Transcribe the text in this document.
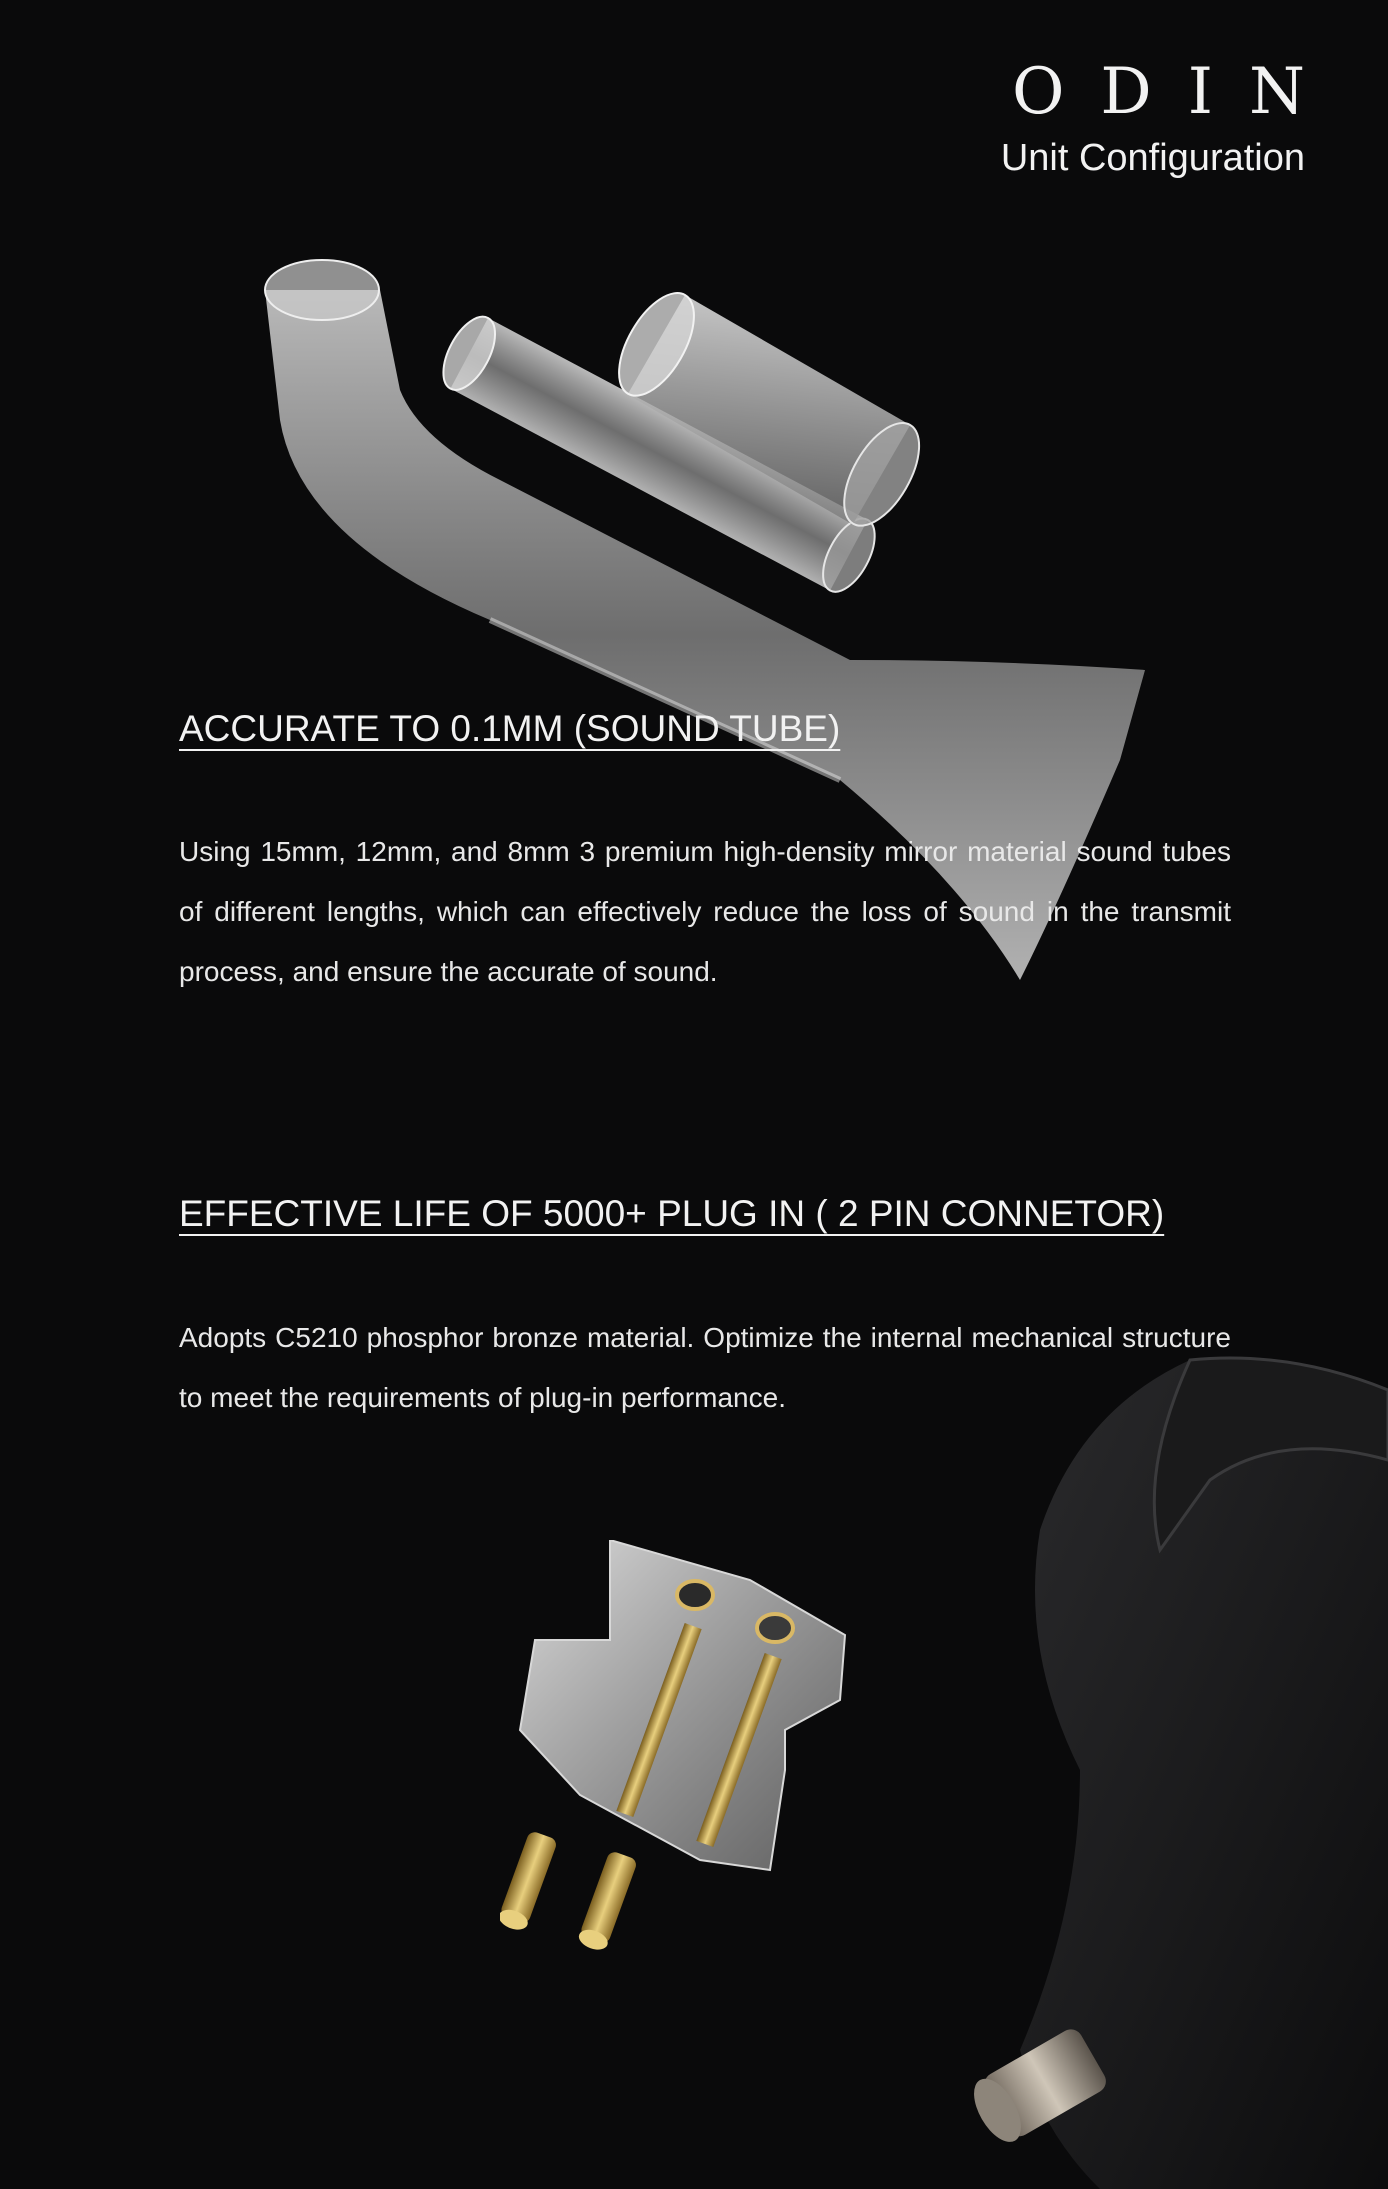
ODIN
Unit Configuration
ACCURATE TO 0.1MM (SOUND TUBE)
Using 15mm, 12mm, and 8mm 3 premium high-density mirror material sound tubes of different lengths, which can effectively reduce the loss of sound in the transmit process, and ensure the accurate of sound.
EFFECTIVE LIFE OF 5000+ PLUG IN ( 2 PIN CONNETOR)
Adopts C5210 phosphor bronze material. Optimize the internal mechanical structure to meet the requirements of plug-in performance.
